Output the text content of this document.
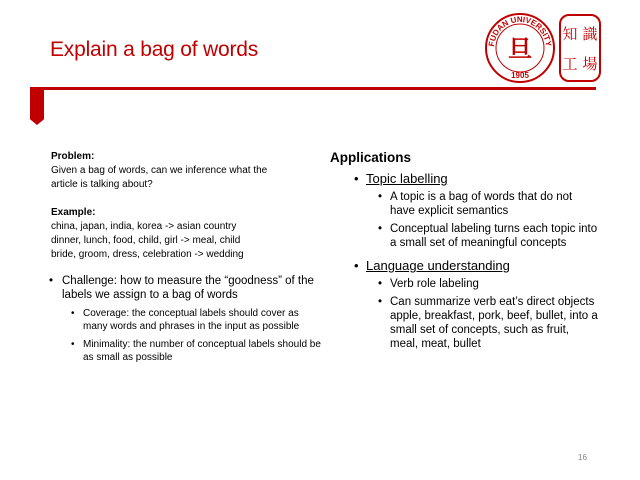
Explain a bag of words	FUDAN UNIVERSITY
旦
1905
知 識
工 場
Problem:
Given a bag of words, can we inference what the
article is talking about?
Example:
china, japan, india, korea -> asian country
dinner, lunch, food, child, girl -> meal, child
bride, groom, dress, celebration -> wedding
• Challenge: how to measure the “goodness” of the labels we assign to a bag of words
• Coverage: the conceptual labels should cover as many words and phrases in the input as possible
• Minimality: the number of conceptual labels should be as small as possible
Applications
• Topic labelling
• A topic is a bag of words that do not have explicit semantics
• Conceptual labeling turns each topic into a small set of meaningful concepts
• Language understanding
• Verb role labeling
• Can summarize verb eat’s direct objects apple, breakfast, pork, beef, bullet, into a small set of concepts, such as fruit, meal, meat, bullet
16
